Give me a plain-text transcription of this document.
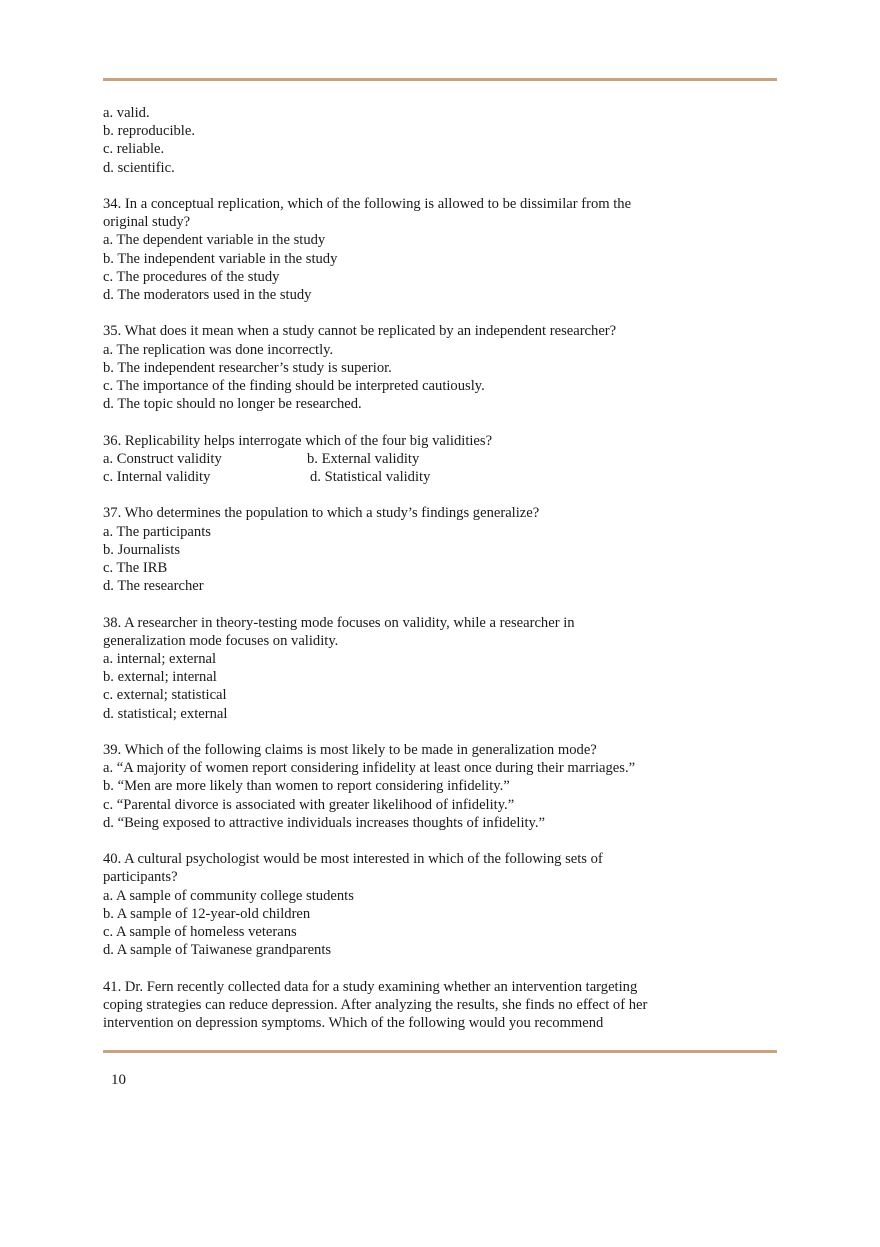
a. valid.
b. reproducible.
c. reliable.
d. scientific.
34. In a conceptual replication, which of the following is allowed to be dissimilar from the
original study?
a. The dependent variable in the study
b. The independent variable in the study
c. The procedures of the study
d. The moderators used in the study
35. What does it mean when a study cannot be replicated by an independent researcher?
a. The replication was done incorrectly.
b. The independent researcher’s study is superior.
c. The importance of the finding should be interpreted cautiously.
d. The topic should no longer be researched.
36. Replicability helps interrogate which of the four big validities?
a. Construct validity	b. External validity
c. Internal validity	d. Statistical validity
37. Who determines the population to which a study’s findings generalize?
a. The participants
b. Journalists
c. The IRB
d. The researcher
38. A researcher in theory-testing mode focuses on validity, while a researcher in
generalization mode focuses on validity.
a. internal; external
b. external; internal
c. external; statistical
d. statistical; external
39. Which of the following claims is most likely to be made in generalization mode?
a. “A majority of women report considering infidelity at least once during their marriages.”
b. “Men are more likely than women to report considering infidelity.”
c. “Parental divorce is associated with greater likelihood of infidelity.”
d. “Being exposed to attractive individuals increases thoughts of infidelity.”
40. A cultural psychologist would be most interested in which of the following sets of
participants?
a. A sample of community college students
b. A sample of 12-year-old children
c. A sample of homeless veterans
d. A sample of Taiwanese grandparents
41. Dr. Fern recently collected data for a study examining whether an intervention targeting
coping strategies can reduce depression. After analyzing the results, she finds no effect of her
intervention on depression symptoms. Which of the following would you recommend
10
